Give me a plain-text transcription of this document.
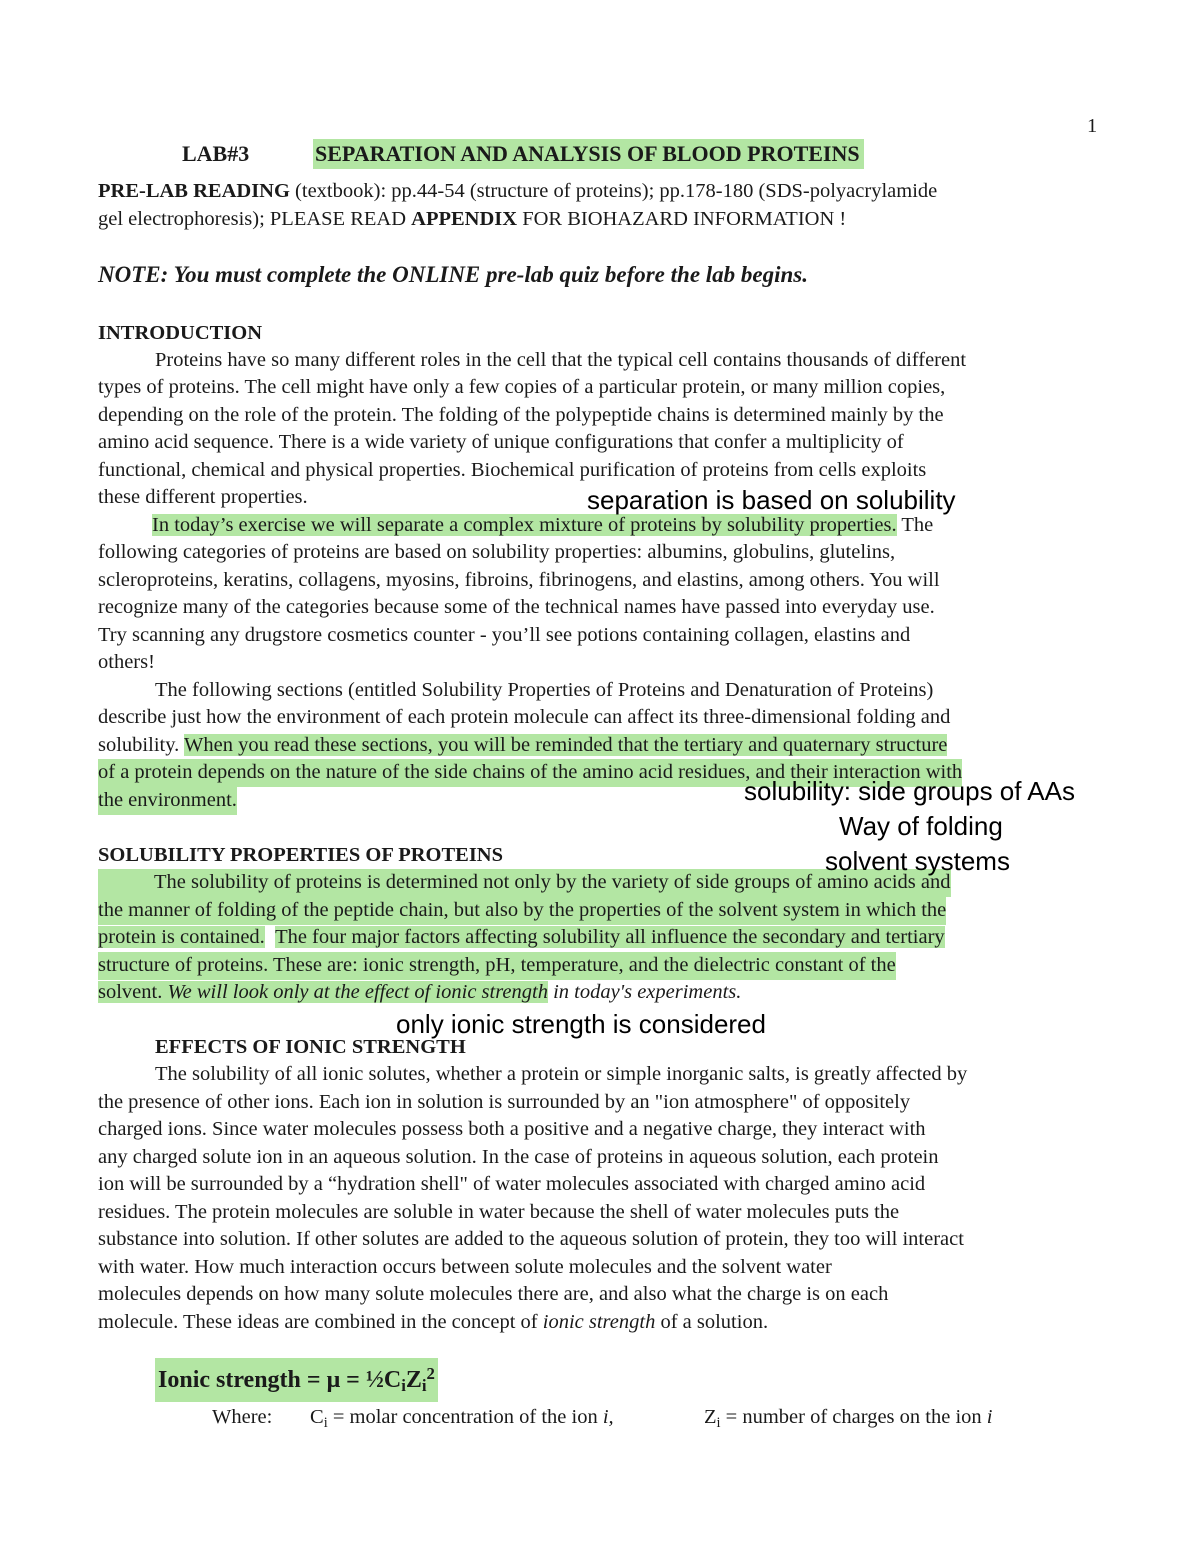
1
LAB#3	SEPARATION AND ANALYSIS OF BLOOD PROTEINS
PRE-LAB READING (textbook): pp.44-54 (structure of proteins); pp.178-180 (SDS-polyacrylamide
gel electrophoresis); PLEASE READ APPENDIX FOR BIOHAZARD INFORMATION !
NOTE: You must complete the ONLINE pre-lab quiz before the lab begins.
INTRODUCTION
Proteins have so many different roles in the cell that the typical cell contains thousands of different
types of proteins. The cell might have only a few copies of a particular protein, or many million copies,
depending on the role of the protein. The folding of the polypeptide chains is determined mainly by the
amino acid sequence. There is a wide variety of unique configurations that confer a multiplicity of
functional, chemical and physical properties. Biochemical purification of proteins from cells exploits
these different properties.
In today’s exercise we will separate a complex mixture of proteins by solubility properties. The
following categories of proteins are based on solubility properties: albumins, globulins, glutelins,
scleroproteins, keratins, collagens, myosins, fibroins, fibrinogens, and elastins, among others. You will
recognize many of the categories because some of the technical names have passed into everyday use.
Try scanning any drugstore cosmetics counter - you’ll see potions containing collagen, elastins and
others!
The following sections (entitled Solubility Properties of Proteins and Denaturation of Proteins)
describe just how the environment of each protein molecule can affect its three-dimensional folding and
solubility. When you read these sections, you will be reminded that the tertiary and quaternary structure
of a protein depends on the nature of the side chains of the amino acid residues, and their interaction with
the environment.
SOLUBILITY PROPERTIES OF PROTEINS
The solubility of proteins is determined not only by the variety of side groups of amino acids and
the manner of folding of the peptide chain, but also by the properties of the solvent system in which the
protein is contained. The four major factors affecting solubility all influence the secondary and tertiary
structure of proteins. These are: ionic strength, pH, temperature, and the dielectric constant of the
solvent. We will look only at the effect of ionic strength in today's experiments.
EFFECTS OF IONIC STRENGTH
The solubility of all ionic solutes, whether a protein or simple inorganic salts, is greatly affected by
the presence of other ions. Each ion in solution is surrounded by an "ion atmosphere" of oppositely
charged ions. Since water molecules possess both a positive and a negative charge, they interact with
any charged solute ion in an aqueous solution. In the case of proteins in aqueous solution, each protein
ion will be surrounded by a “hydration shell" of water molecules associated with charged amino acid
residues. The protein molecules are soluble in water because the shell of water molecules puts the
substance into solution. If other solutes are added to the aqueous solution of protein, they too will interact
with water. How much interaction occurs between solute molecules and the solvent water
molecules depends on how many solute molecules there are, and also what the charge is on each
molecule. These ideas are combined in the concept of ionic strength of a solution.
Ionic strength = $\mu = \frac{1}{2}C_iZ_i^2$
Where: $C_i$ = molar concentration of the ion i,	$Z_i$ = number of charges on the ion i
separation is based on solubility
solubility: side groups of AAs
Way of folding
solvent systems
only ionic strength is considered
